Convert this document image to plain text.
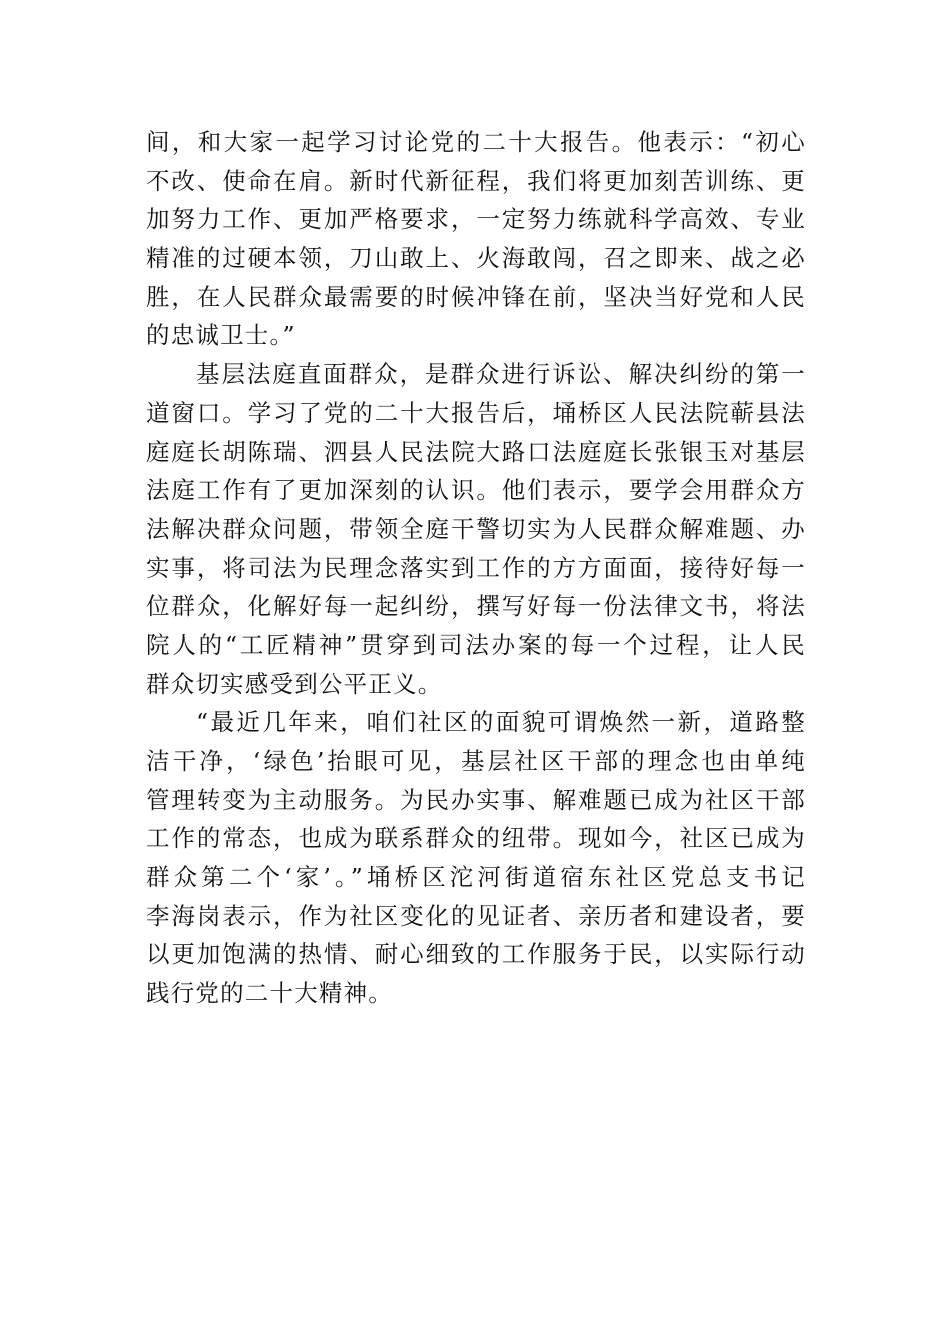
间，和大家一起学习讨论党的二十大报告。他表示：“初心
不改、使命在肩。新时代新征程，我们将更加刻苦训练、更
加努力工作、更加严格要求，一定努力练就科学高效、专业
精准的过硬本领，刀山敢上、火海敢闯，召之即来、战之必
胜，在人民群众最需要的时候冲锋在前，坚决当好党和人民
的忠诚卫士。”
基层法庭直面群众，是群众进行诉讼、解决纠纷的第一
道窗口。学习了党的二十大报告后，埇桥区人民法院蕲县法
庭庭长胡陈瑞、泗县人民法院大路口法庭庭长张银玉对基层
法庭工作有了更加深刻的认识。他们表示，要学会用群众方
法解决群众问题，带领全庭干警切实为人民群众解难题、办
实事，将司法为民理念落实到工作的方方面面，接待好每一
位群众，化解好每一起纠纷，撰写好每一份法律文书，将法
院人的“工匠精神”贯穿到司法办案的每一个过程，让人民
群众切实感受到公平正义。
“最近几年来，咱们社区的面貌可谓焕然一新，道路整
洁干净，‘绿色’抬眼可见，基层社区干部的理念也由单纯
管理转变为主动服务。为民办实事、解难题已成为社区干部
工作的常态，也成为联系群众的纽带。现如今，社区已成为
群众第二个‘家’。”埇桥区沱河街道宿东社区党总支书记
李海岗表示，作为社区变化的见证者、亲历者和建设者，要
以更加饱满的热情、耐心细致的工作服务于民，以实际行动
践行党的二十大精神。
